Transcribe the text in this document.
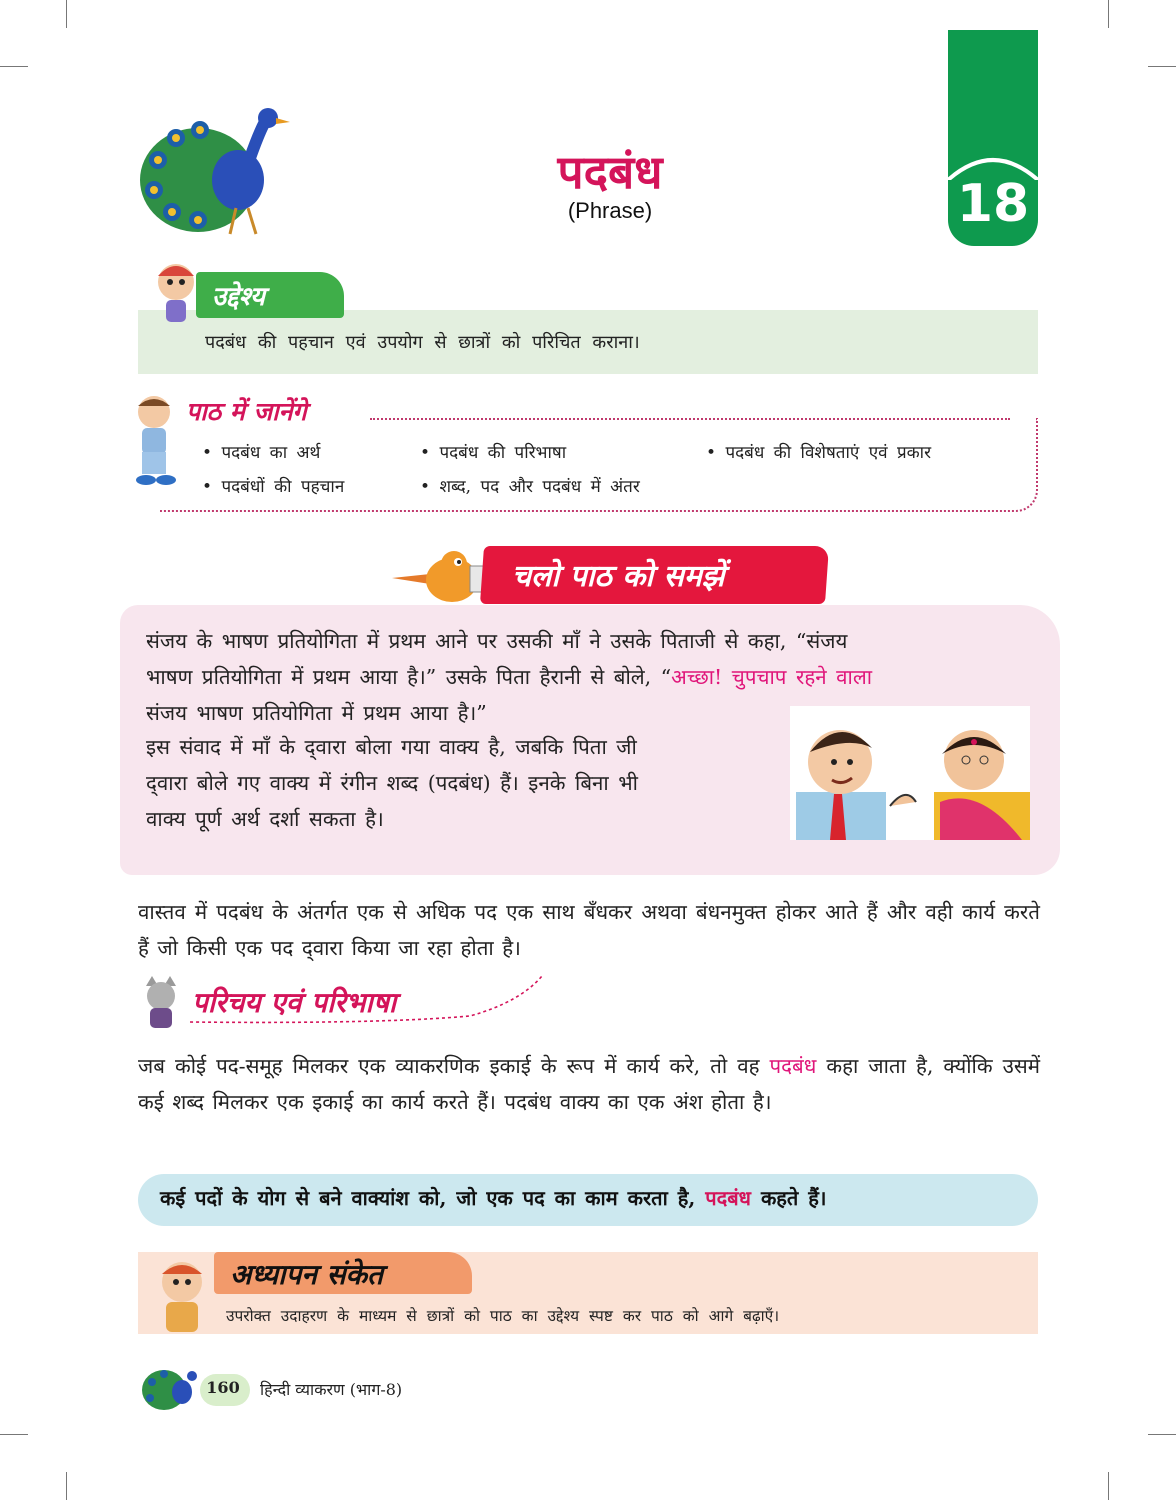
पदबंध
(Phrase)	18
उद्देश्य
पदबंध की पहचान एवं उपयोग से छात्रों को परिचित कराना।
पाठ में जानेंगे
• पदबंध का अर्थ	• पदबंध की परिभाषा	• पदबंध की विशेषताएं एवं प्रकार
• पदबंधों की पहचान	• शब्द, पद और पदबंध में अंतर
चलो पाठ को समझें
संजय के भाषण प्रतियोगिता में प्रथम आने पर उसकी माँ ने उसके पिताजी से कहा, “संजय
भाषण प्रतियोगिता में प्रथम आया है।” उसके पिता हैरानी से बोले, “अच्छा! चुपचाप रहने वाला
संजय भाषण प्रतियोगिता में प्रथम आया है।”
इस संवाद में माँ के द्‌वारा बोला गया वाक्य है, जबकि पिता जी
द्‌वारा बोले गए वाक्य में रंगीन शब्द (पदबंध) हैं। इनके बिना भी
वाक्य पूर्ण अर्थ दर्शा सकता है।
वास्तव में पदबंध के अंतर्गत एक से अधिक पद एक साथ बँधकर अथवा बंधनमुक्त होकर आते हैं और वही कार्य करते हैं जो किसी एक पद द्‌वारा किया जा रहा होता है।
परिचय एवं परिभाषा
जब कोई पद-समूह मिलकर एक व्याकरणिक इकाई के रूप में कार्य करे, तो वह पदबंध कहा जाता है, क्योंकि उसमें कई शब्द मिलकर एक इकाई का कार्य करते हैं। पदबंध वाक्य का एक अंश होता है।
कई पदों के योग से बने वाक्यांश को, जो एक पद का काम करता है, पदबंध कहते हैं।
अध्यापन संकेत
उपरोक्त उदाहरण के माध्यम से छात्रों को पाठ का उद्देश्य स्पष्ट कर पाठ को आगे बढ़ाएँ।
160	हिन्दी व्याकरण (भाग-8)
